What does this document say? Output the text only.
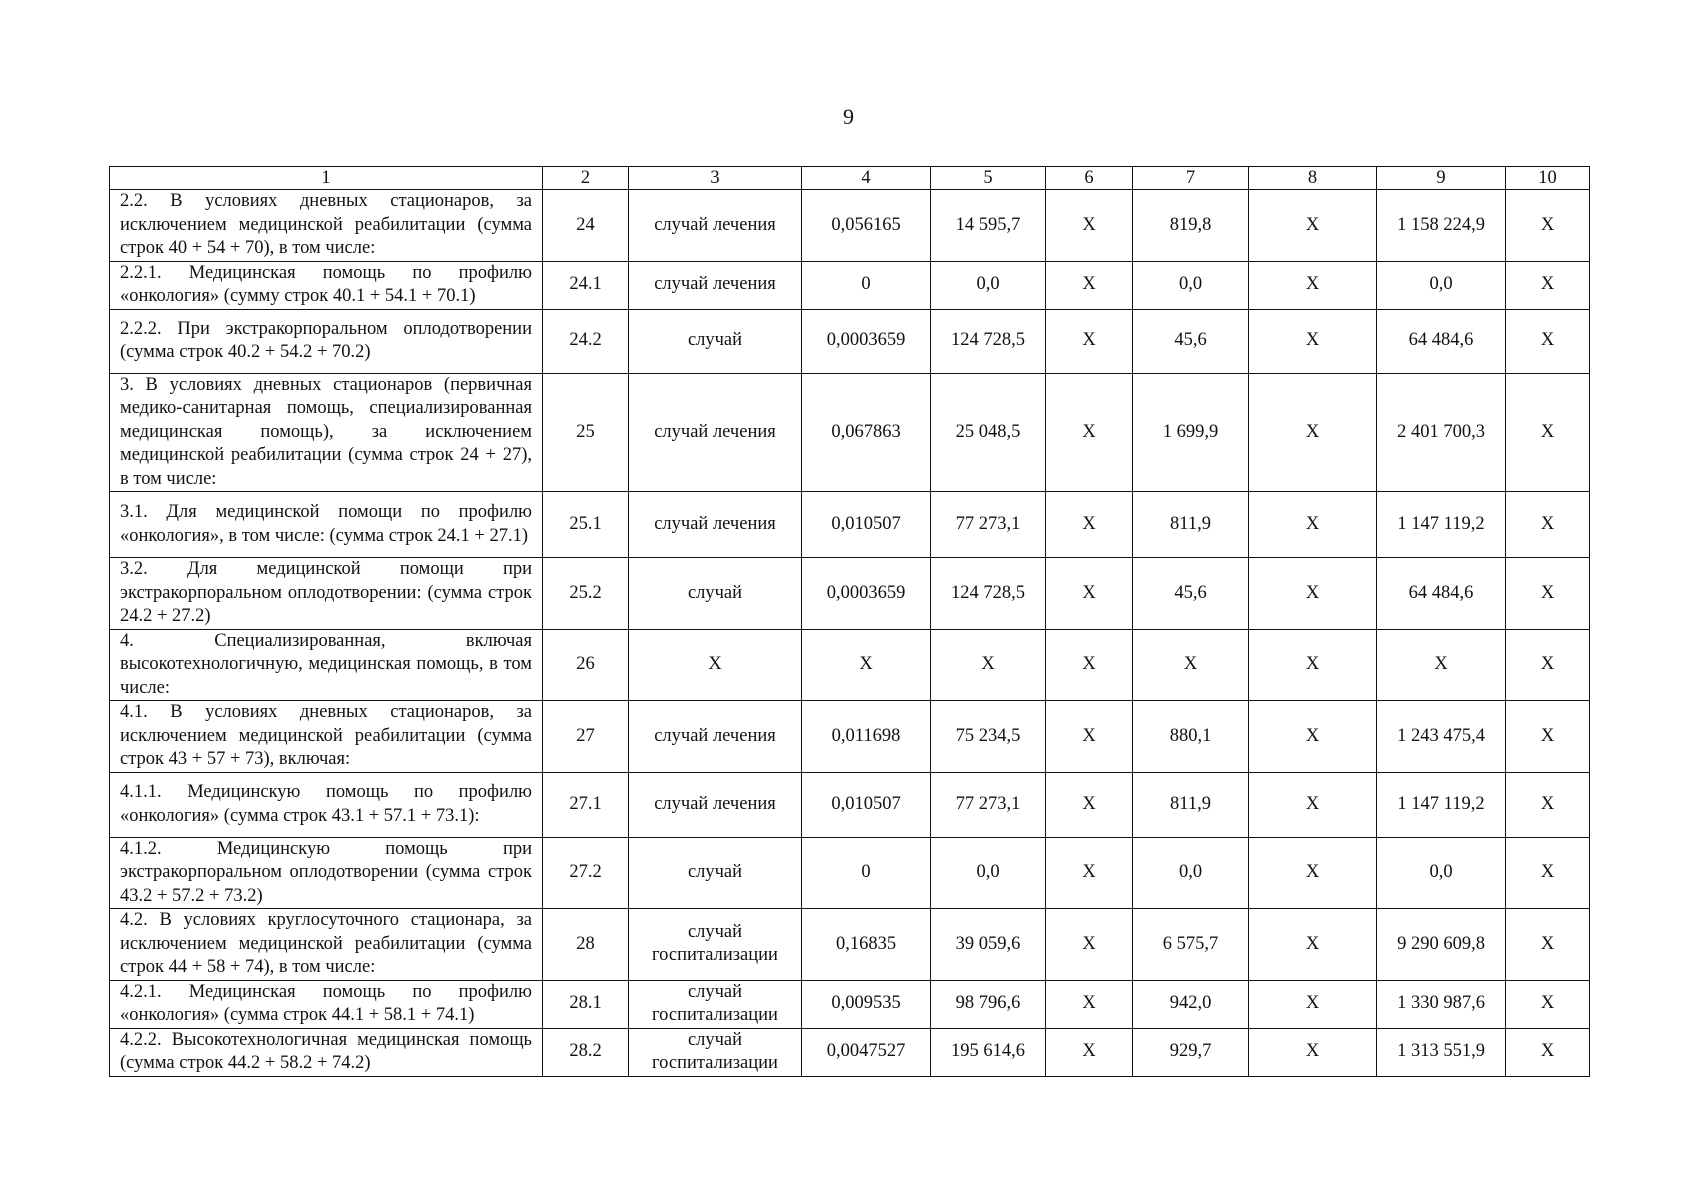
9
1	2	3	4	5	6	7	8	9	10
2.2. В условиях дневных стационаров, за исключением медицинской реабилитации (сумма строк 40 + 54 + 70), в том числе:	24	случай лечения	0,056165	14 595,7	X	819,8	X	1 158 224,9	X
2.2.1. Медицинская помощь по профилю «онкология» (сумму строк 40.1 + 54.1 + 70.1)	24.1	случай лечения	0	0,0	X	0,0	X	0,0	X
2.2.2. При экстракорпоральном оплодотворении (сумма строк 40.2 + 54.2 + 70.2)	24.2	случай	0,0003659	124 728,5	X	45,6	X	64 484,6	X
3. В условиях дневных стационаров (первичная медико-санитарная помощь, специализированная медицинская помощь), за исключением медицинской реабилитации (сумма строк 24 + 27), в том числе:	25	случай лечения	0,067863	25 048,5	X	1 699,9	X	2 401 700,3	X
3.1. Для медицинской помощи по профилю «онкология», в том числе: (сумма строк 24.1 + 27.1)	25.1	случай лечения	0,010507	77 273,1	X	811,9	X	1 147 119,2	X
3.2. Для медицинской помощи при экстракорпоральном оплодотворении: (сумма строк 24.2 + 27.2)	25.2	случай	0,0003659	124 728,5	X	45,6	X	64 484,6	X
4. Специализированная, включая высокотехнологичную, медицинская помощь, в том числе:	26	X	X	X	X	X	X	X	X
4.1. В условиях дневных стационаров, за исключением медицинской реабилитации (сумма строк 43 + 57 + 73), включая:	27	случай лечения	0,011698	75 234,5	X	880,1	X	1 243 475,4	X
4.1.1. Медицинскую помощь по профилю «онкология» (сумма строк 43.1 + 57.1 + 73.1):	27.1	случай лечения	0,010507	77 273,1	X	811,9	X	1 147 119,2	X
4.1.2. Медицинскую помощь при экстракорпоральном оплодотворении (сумма строк 43.2 + 57.2 + 73.2)	27.2	случай	0	0,0	X	0,0	X	0,0	X
4.2. В условиях круглосуточного стационара, за исключением медицинской реабилитации (сумма строк 44 + 58 + 74), в том числе:	28	случай госпитализации	0,16835	39 059,6	X	6 575,7	X	9 290 609,8	X
4.2.1. Медицинская помощь по профилю «онкология» (сумма строк 44.1 + 58.1 + 74.1)	28.1	случай госпитализации	0,009535	98 796,6	X	942,0	X	1 330 987,6	X
4.2.2. Высокотехнологичная медицинская помощь (сумма строк 44.2 + 58.2 + 74.2)	28.2	случай госпитализации	0,0047527	195 614,6	X	929,7	X	1 313 551,9	X
